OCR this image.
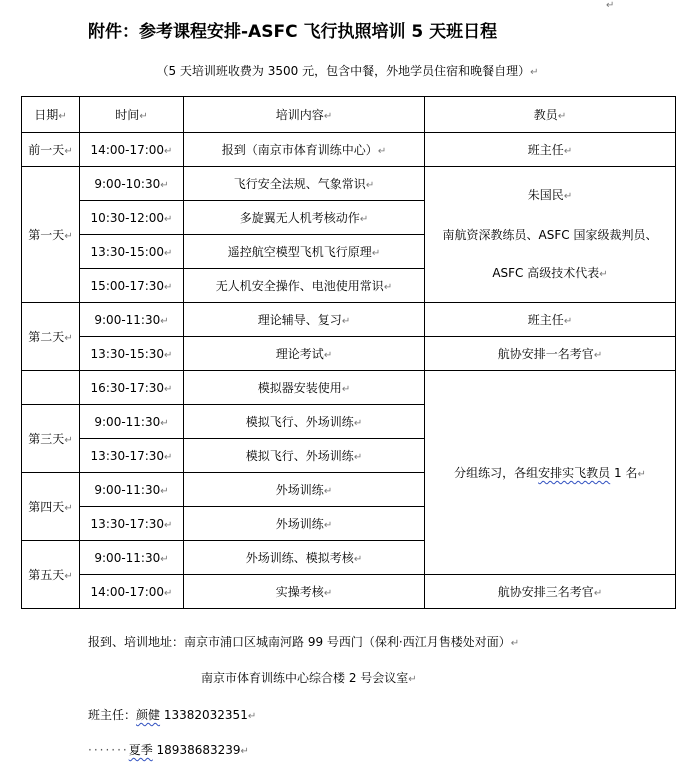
附件：参考课程安排-ASFC 飞行执照培训 5 天班日程
↵
（5 天培训班收费为 3500 元，包含中餐，外地学员住宿和晚餐自理）↵
日期↵	时间↵	培训内容↵	教员↵
前一天↵	14:00-17:00↵	报到（南京市体育训练中心）↵	班主任↵
第一天↵	9:00-10:30↵	飞行安全法规、气象常识↵	朱国民↵
南航资深教练员、ASFC 国家级裁判员、
ASFC 高级技术代表↵

	10:30-12:00↵	多旋翼无人机考核动作↵	
	13:30-15:00↵	遥控航空模型飞机飞行原理↵	
	15:00-17:30↵	无人机安全操作、电池使用常识↵	
第二天↵	9:00-11:30↵	理论辅导、复习↵	班主任↵
	13:30-15:30↵	理论考试↵	航协安排一名考官↵
	16:30-17:30↵	模拟器安装使用↵	分组练习，各组安排实飞教员 1 名↵
第三天↵	9:00-11:30↵	模拟飞行、外场训练↵	
	13:30-17:30↵	模拟飞行、外场训练↵	
第四天↵	9:00-11:30↵	外场训练↵	
	13:30-17:30↵	外场训练↵	
第五天↵	9:00-11:30↵	外场训练、模拟考核↵	
	14:00-17:00↵	实操考核↵	航协安排三名考官↵
报到、培训地址：南京市浦口区城南河路 99 号西门（保利·西江月售楼处对面）↵
南京市体育训练中心综合楼 2 号会议室↵
班主任：颜健 13382032351↵
·······夏季 18938683239↵
